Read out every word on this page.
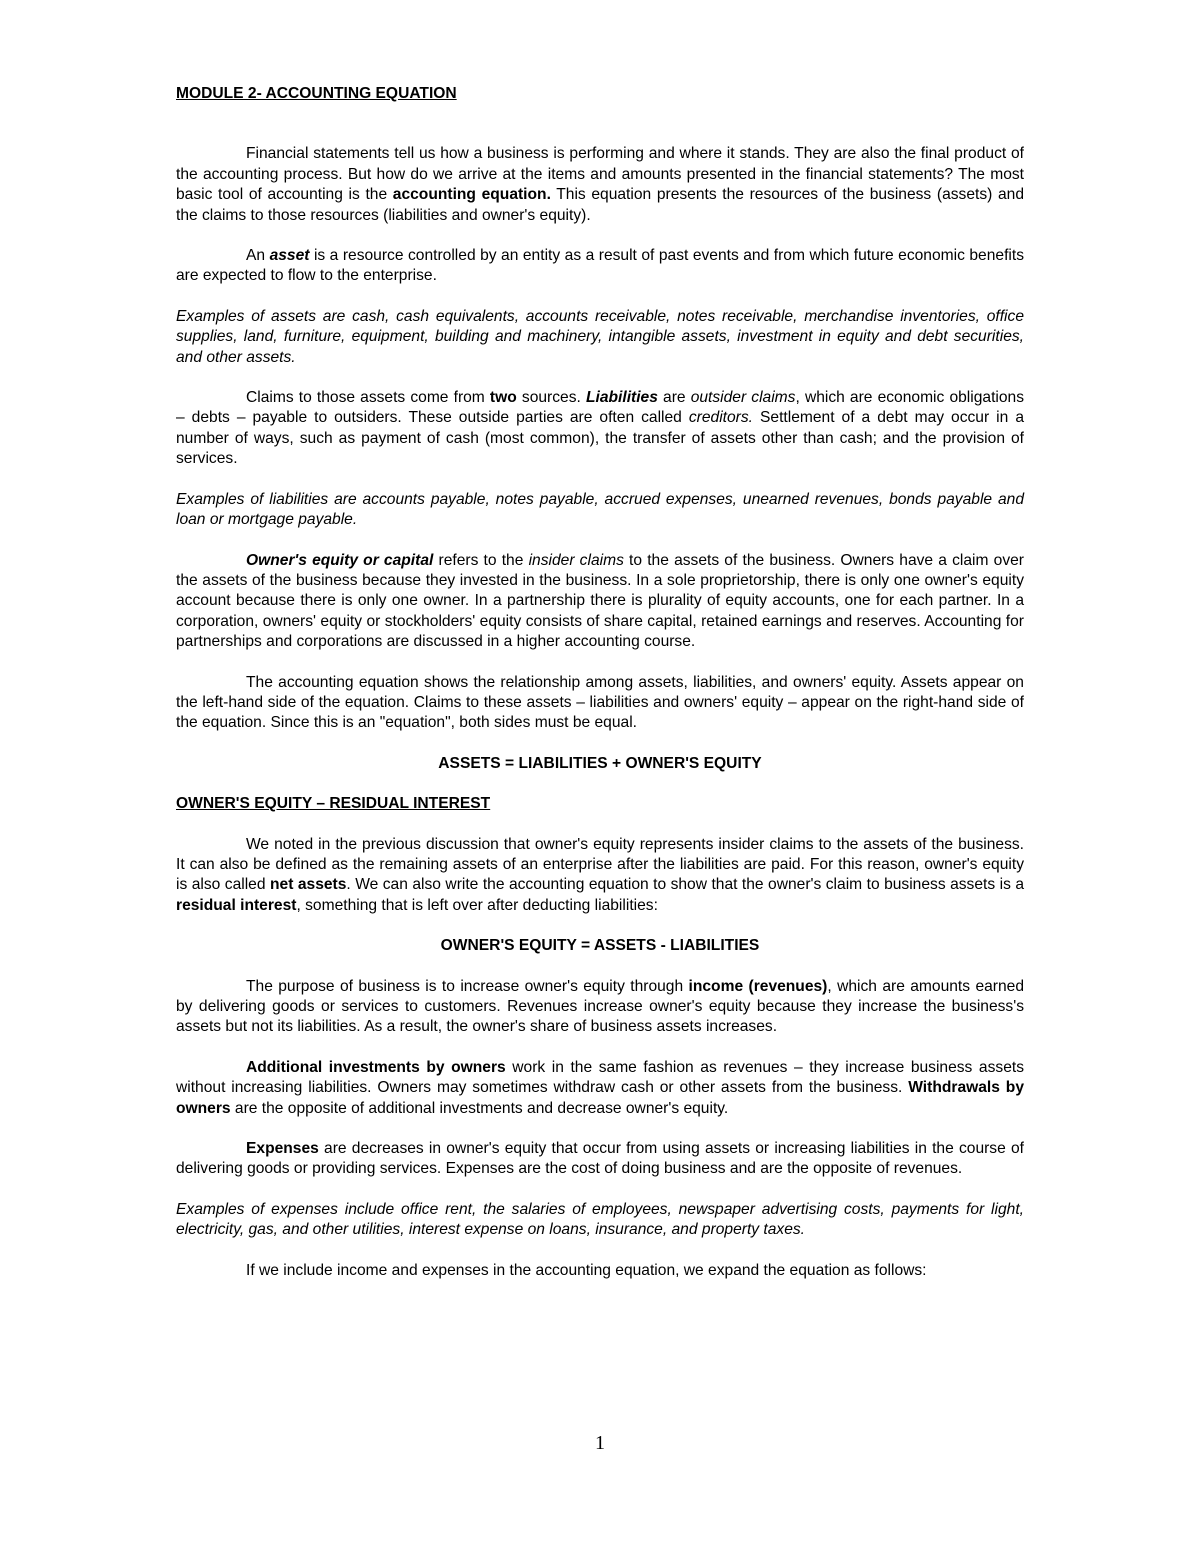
MODULE 2- ACCOUNTING EQUATION

Financial statements tell us how a business is performing and where it stands. They are also the final product of the accounting process. But how do we arrive at the items and amounts presented in the financial statements? The most basic tool of accounting is the accounting equation. This equation presents the resources of the business (assets) and the claims to those resources (liabilities and owner's equity).

An asset is a resource controlled by an entity as a result of past events and from which future economic benefits are expected to flow to the enterprise.

Examples of assets are cash, cash equivalents, accounts receivable, notes receivable, merchandise inventories, office supplies, land, furniture, equipment, building and machinery, intangible assets, investment in equity and debt securities, and other assets.

Claims to those assets come from two sources. Liabilities are outsider claims, which are economic obligations – debts – payable to outsiders. These outside parties are often called creditors. Settlement of a debt may occur in a number of ways, such as payment of cash (most common), the transfer of assets other than cash; and the provision of services.

Examples of liabilities are accounts payable, notes payable, accrued expenses, unearned revenues, bonds payable and loan or mortgage payable.

Owner's equity or capital refers to the insider claims to the assets of the business. Owners have a claim over the assets of the business because they invested in the business. In a sole proprietorship, there is only one owner's equity account because there is only one owner. In a partnership there is plurality of equity accounts, one for each partner. In a corporation, owners' equity or stockholders' equity consists of share capital, retained earnings and reserves. Accounting for partnerships and corporations are discussed in a higher accounting course.

The accounting equation shows the relationship among assets, liabilities, and owners' equity. Assets appear on the left-hand side of the equation. Claims to these assets – liabilities and owners' equity – appear on the right-hand side of the equation. Since this is an "equation", both sides must be equal.

ASSETS = LIABILITIES + OWNER'S EQUITY
OWNER'S EQUITY – RESIDUAL INTEREST

We noted in the previous discussion that owner's equity represents insider claims to the assets of the business. It can also be defined as the remaining assets of an enterprise after the liabilities are paid. For this reason, owner's equity is also called net assets. We can also write the accounting equation to show that the owner's claim to business assets is a residual interest, something that is left over after deducting liabilities:

OWNER'S EQUITY = ASSETS - LIABILITIES

The purpose of business is to increase owner's equity through income (revenues), which are amounts earned by delivering goods or services to customers. Revenues increase owner's equity because they increase the business's assets but not its liabilities. As a result, the owner's share of business assets increases.

Additional investments by owners work in the same fashion as revenues – they increase business assets without increasing liabilities. Owners may sometimes withdraw cash or other assets from the business. Withdrawals by owners are the opposite of additional investments and decrease owner's equity.

Expenses are decreases in owner's equity that occur from using assets or increasing liabilities in the course of delivering goods or providing services. Expenses are the cost of doing business and are the opposite of revenues.

Examples of expenses include office rent, the salaries of employees, newspaper advertising costs, payments for light, electricity, gas, and other utilities, interest expense on loans, insurance, and property taxes.

If we include income and expenses in the accounting equation, we expand the equation as follows:

1
